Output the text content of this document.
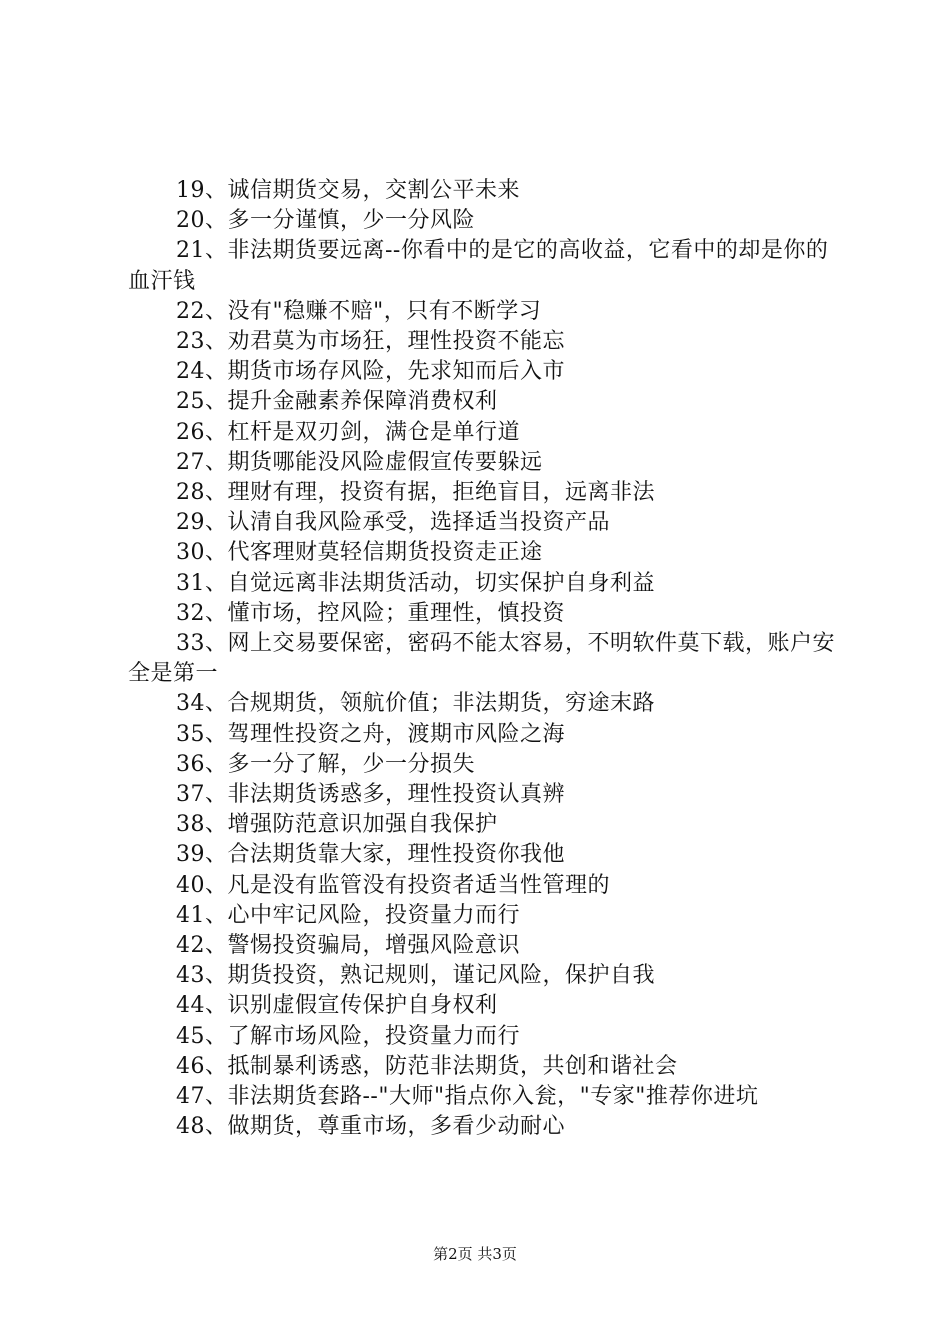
19、诚信期货交易，交割公平未来

20、多一分谨慎，少一分风险

21、非法期货要远离--你看中的是它的高收益，它看中的却是你的血汗钱

22、没有"稳赚不赔"，只有不断学习

23、劝君莫为市场狂，理性投资不能忘

24、期货市场存风险，先求知而后入市

25、提升金融素养保障消费权利

26、杠杆是双刃剑，满仓是单行道

27、期货哪能没风险虚假宣传要躲远

28、理财有理，投资有据，拒绝盲目，远离非法

29、认清自我风险承受，选择适当投资产品

30、代客理财莫轻信期货投资走正途

31、自觉远离非法期货活动，切实保护自身利益

32、懂市场，控风险；重理性，慎投资

33、网上交易要保密，密码不能太容易，不明软件莫下载，账户安全是第一

34、合规期货，领航价值；非法期货，穷途末路

35、驾理性投资之舟，渡期市风险之海

36、多一分了解，少一分损失

37、非法期货诱惑多，理性投资认真辨

38、增强防范意识加强自我保护

39、合法期货靠大家，理性投资你我他

40、凡是没有监管没有投资者适当性管理的

41、心中牢记风险，投资量力而行

42、警惕投资骗局，增强风险意识

43、期货投资，熟记规则，谨记风险，保护自我

44、识别虚假宣传保护自身权利

45、了解市场风险，投资量力而行

46、抵制暴利诱惑，防范非法期货，共创和谐社会

47、非法期货套路--"大师"指点你入瓮，"专家"推荐你进坑

48、做期货，尊重市场，多看少动耐心

第2页 共3页
